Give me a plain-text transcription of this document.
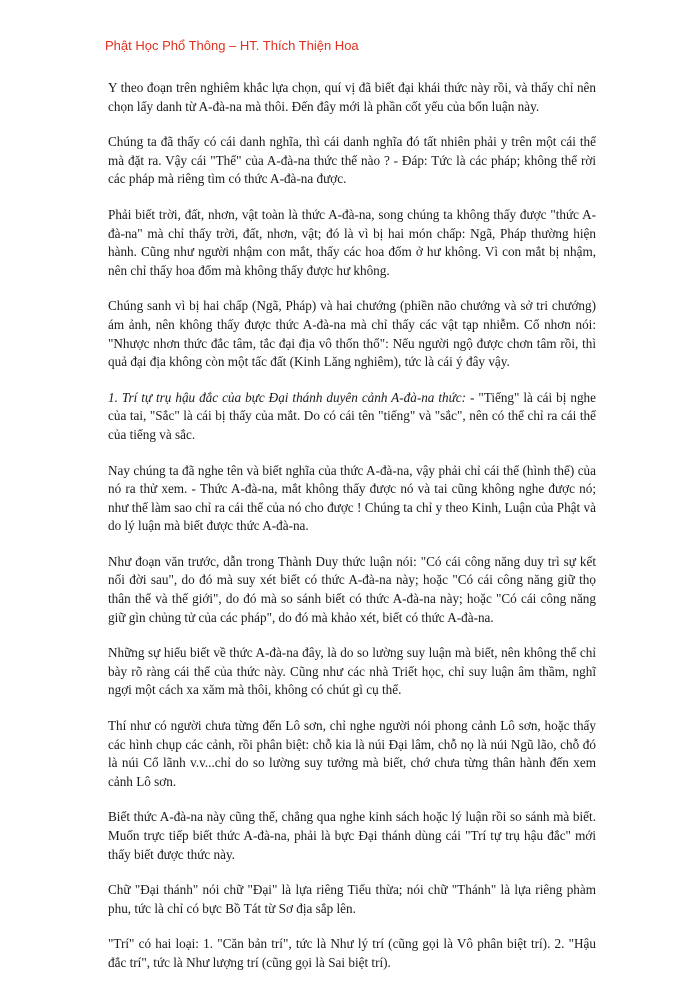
Phật Học Phổ Thông – HT. Thích Thiện Hoa

Y theo đoạn trên nghiêm khắc lựa chọn, quí vị đã biết đại khái thức này rồi, và thấy chỉ nên chọn lấy danh từ A-đà-na mà thôi. Đến đây mới là phần cốt yếu của bổn luận này.

Chúng ta đã thấy có cái danh nghĩa, thì cái danh nghĩa đó tất nhiên phải y trên một cái thể mà đặt ra. Vậy cái "Thể" của A-đà-na thức thế nào ? - Đáp: Tức là các pháp; không thể rời các pháp mà riêng tìm có thức A-đà-na được.

Phải biết trời, đất, nhơn, vật toàn là thức A-đà-na, song chúng ta không thấy được "thức A-đà-na" mà chỉ thấy trời, đất, nhơn, vật; đó là vì bị hai món chấp: Ngã, Pháp thường hiện hành. Cũng như người nhậm con mắt, thấy các hoa đốm ở hư không. Vì con mắt bị nhậm, nên chỉ thấy hoa đốm mà không thấy được hư không.

Chúng sanh vì bị hai chấp (Ngã, Pháp) và hai chướng (phiền não chướng và sở tri chướng) ám ảnh, nên không thấy được thức A-đà-na mà chỉ thấy các vật tạp nhiễm. Cổ nhơn nói: "Nhược nhơn thức đắc tâm, tắc đại địa vô thốn thổ": Nếu người ngộ được chơn tâm rồi, thì quả đại địa không còn một tấc đất (Kinh Lăng nghiêm), tức là cái ý đây vậy.

1. Trí tự trụ hậu đắc của bực Đại thánh duyên cảnh A-đà-na thức: - "Tiếng" là cái bị nghe của tai, "Sắc" là cái bị thấy của mắt. Do có cái tên "tiếng" và "sắc", nên có thể chỉ ra cái thể của tiếng và sắc.

Nay chúng ta đã nghe tên và biết nghĩa của thức A-đà-na, vậy phải chỉ cái thể (hình thể) của nó ra thử xem. - Thức A-đà-na, mắt không thấy được nó và tai cũng không nghe được nó; như thế làm sao chỉ ra cái thể của nó cho được ! Chúng ta chỉ y theo Kinh, Luận của Phật và do lý luận mà biết được thức A-đà-na.

Như đoạn văn trước, dẫn trong Thành Duy thức luận nói: "Có cái công năng duy trì sự kết nối đời sau", do đó mà suy xét biết có thức A-đà-na này; hoặc "Có cái công năng giữ thọ thân thể và thế giới", do đó mà so sánh biết có thức A-đà-na này; hoặc "Có cái công năng giữ gìn chủng tử của các pháp", do đó mà khảo xét, biết có thức A-đà-na.

Những sự hiểu biết về thức A-đà-na đây, là do so lường suy luận mà biết, nên không thể chỉ bày rõ ràng cái thể của thức này. Cũng như các nhà Triết học, chỉ suy luận âm thầm, nghĩ ngợi một cách xa xăm mà thôi, không có chút gì cụ thể.

Thí như có người chưa từng đến Lô sơn, chỉ nghe người nói phong cảnh Lô sơn, hoặc thấy các hình chụp các cảnh, rồi phân biệt: chỗ kia là núi Đại lâm, chỗ nọ là núi Ngũ lão, chỗ đó là núi Cổ lãnh v.v...chỉ do so lường suy tưởng mà biết, chớ chưa từng thân hành đến xem cảnh Lô sơn.

Biết thức A-đà-na này cũng thế, chẳng qua nghe kinh sách hoặc lý luận rồi so sánh mà biết. Muốn trực tiếp biết thức A-đà-na, phải là bực Đại thánh dùng cái "Trí tự trụ hậu đắc" mới thấy biết được thức này.

Chữ "Đại thánh" nói chữ "Đại" là lựa riêng Tiểu thừa; nói chữ "Thánh" là lựa riêng phàm phu, tức là chỉ có bực Bồ Tát từ Sơ địa sắp lên.

"Trí" có hai loại: 1. "Căn bản trí", tức là Như lý trí (cũng gọi là Vô phân biệt trí). 2. "Hậu đắc trí", tức là Như lượng trí (cũng gọi là Sai biệt trí).
